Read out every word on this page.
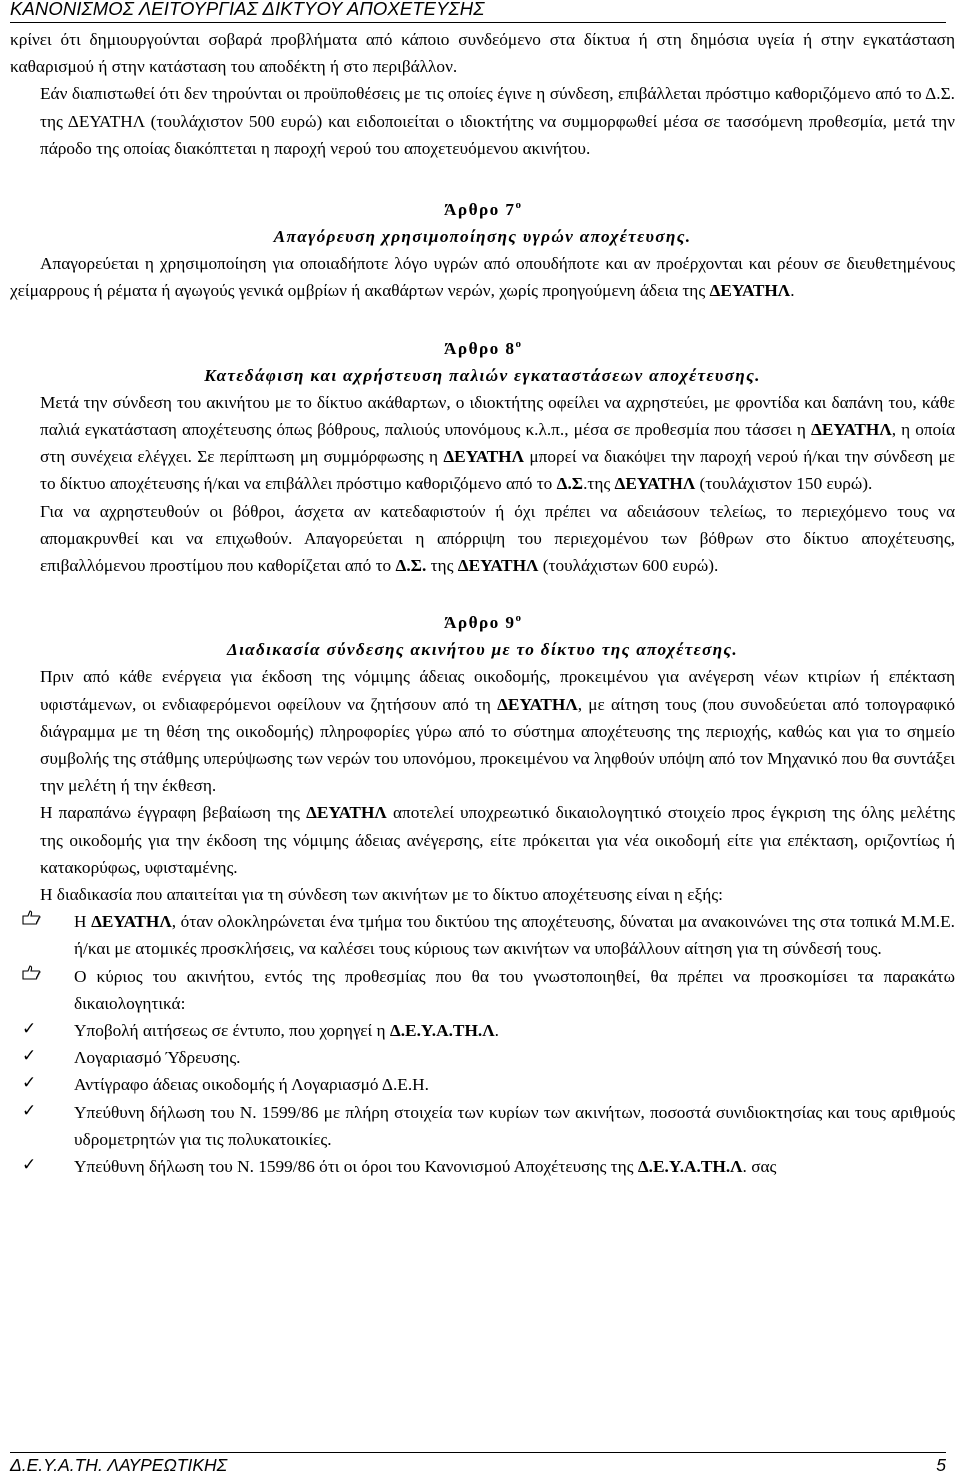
ΚΑΝΟΝΙΣΜΟΣ ΛΕΙΤΟΥΡΓΙΑΣ ΔΙΚΤΥΟΥ ΑΠΟΧΕΤΕΥΣΗΣ

κρίνει ότι δημιουργούνται σοβαρά προβλήματα από κάποιο συνδεόμενο στα δίκτυα ή στη δημόσια υγεία ή στην εγκατάσταση καθαρισμού ή στην κατάσταση του αποδέκτη ή στο περιβάλλον.

Εάν διαπιστωθεί ότι δεν τηρούνται οι προϋποθέσεις με τις οποίες έγινε η σύνδεση, επιβάλλεται πρόστιμο καθοριζόμενο από το Δ.Σ. της ΔΕΥΑΤΗΛ (τουλάχιστον 500 ευρώ) και ειδοποιείται ο ιδιοκτήτης να συμμορφωθεί μέσα σε τασσόμενη προθεσμία, μετά την πάροδο της οποίας διακόπτεται η παροχή νερού του αποχετευόμενου ακινήτου.

Άρθρο $7^o$

Απαγόρευση χρησιμοποίησης υγρών αποχέτευσης.

Απαγορεύεται η χρησιμοποίηση για οποιαδήποτε λόγο υγρών από οπουδήποτε και αν προέρχονται και ρέουν σε διευθετημένους χείμαρρους ή ρέματα ή αγωγούς γενικά ομβρίων ή ακαθάρτων νερών, χωρίς προηγούμενη άδεια της ΔΕΥΑΤΗΛ.

Άρθρο $8^o$

Κατεδάφιση και αχρήστευση παλιών εγκαταστάσεων αποχέτευσης.

Μετά την σύνδεση του ακινήτου με το δίκτυο ακάθαρτων, ο ιδιοκτήτης οφείλει να αχρηστεύει, με φροντίδα και δαπάνη του, κάθε παλιά εγκατάσταση αποχέτευσης όπως βόθρους, παλιούς υπονόμους κ.λ.π., μέσα σε προθεσμία που τάσσει η ΔΕΥΑΤΗΛ, η οποία στη συνέχεια ελέγχει. Σε περίπτωση μη συμμόρφωσης η ΔΕΥΑΤΗΛ μπορεί να διακόψει την παροχή νερού ή/και την σύνδεση με το δίκτυο αποχέτευσης ή/και να επιβάλλει πρόστιμο καθοριζόμενο από το Δ.Σ.της ΔΕΥΑΤΗΛ (τουλάχιστον 150 ευρώ).

Για να αχρηστευθούν οι βόθροι, άσχετα αν κατεδαφιστούν ή όχι πρέπει να αδειάσουν τελείως, το περιεχόμενο τους να απομακρυνθεί και να επιχωθούν. Απαγορεύεται η απόρριψη του περιεχομένου των βόθρων στο δίκτυο αποχέτευσης, επιβαλλόμενου προστίμου που καθορίζεται από το Δ.Σ. της ΔΕΥΑΤΗΛ (τουλάχιστων 600 ευρώ).

Άρθρο $9^o$

Διαδικασία σύνδεσης ακινήτου με το δίκτυο της αποχέτεσης.

Πριν από κάθε ενέργεια για έκδοση της νόμιμης άδειας οικοδομής, προκειμένου για ανέγερση νέων κτιρίων ή επέκταση υφιστάμενων, οι ενδιαφερόμενοι οφείλουν να ζητήσουν από τη ΔΕΥΑΤΗΛ, με αίτηση τους (που συνοδεύεται από τοπογραφικό διάγραμμα με τη θέση της οικοδομής) πληροφορίες γύρω από το σύστημα αποχέτευσης της περιοχής, καθώς και για το σημείο συμβολής της στάθμης υπερύψωσης των νερών του υπονόμου, προκειμένου να ληφθούν υπόψη από τον Μηχανικό που θα συντάξει την μελέτη ή την έκθεση.

Η παραπάνω έγγραφη βεβαίωση της ΔΕΥΑΤΗΛ αποτελεί υποχρεωτικό δικαιολογητικό στοιχείο προς έγκριση της όλης μελέτης της οικοδομής για την έκδοση της νόμιμης άδειας ανέγερσης, είτε πρόκειται για νέα οικοδομή είτε για επέκταση, οριζοντίως ή κατακορύφως, υφισταμένης.

Η διαδικασία που απαιτείται για τη σύνδεση των ακινήτων με το δίκτυο αποχέτευσης είναι η εξής:

Η ΔΕΥΑΤΗΛ, όταν ολοκληρώνεται ένα τμήμα του δικτύου της αποχέτευσης, δύναται μα ανακοινώνει της στα τοπικά Μ.Μ.Ε. ή/και με ατομικές προσκλήσεις, να καλέσει τους κύριους των ακινήτων να υποβάλλουν αίτηση για τη σύνδεσή τους.

Ο κύριος του ακινήτου, εντός της προθεσμίας που θα του γνωστοποιηθεί, θα πρέπει να προσκομίσει τα παρακάτω δικαιολογητικά:

✓ Υποβολή αιτήσεως σε έντυπο, που χορηγεί η Δ.Ε.Υ.Α.ΤΗ.Λ.

✓ Λογαριασμό Ύδρευσης.

✓ Αντίγραφο άδειας οικοδομής ή Λογαριασμό Δ.Ε.Η.

✓ Υπεύθυνη δήλωση του Ν. 1599/86 με πλήρη στοιχεία των κυρίων των ακινήτων, ποσοστά συνιδιοκτησίας και τους αριθμούς υδρομετρητών για τις πολυκατοικίες.

✓ Υπεύθυνη δήλωση του Ν. 1599/86 ότι οι όροι του Κανονισμού Αποχέτευσης της Δ.Ε.Υ.Α.ΤΗ.Λ. σας

Δ.Ε.Υ.Α.ΤΗ. ΛΑΥΡΕΩΤΙΚΗΣ	5
